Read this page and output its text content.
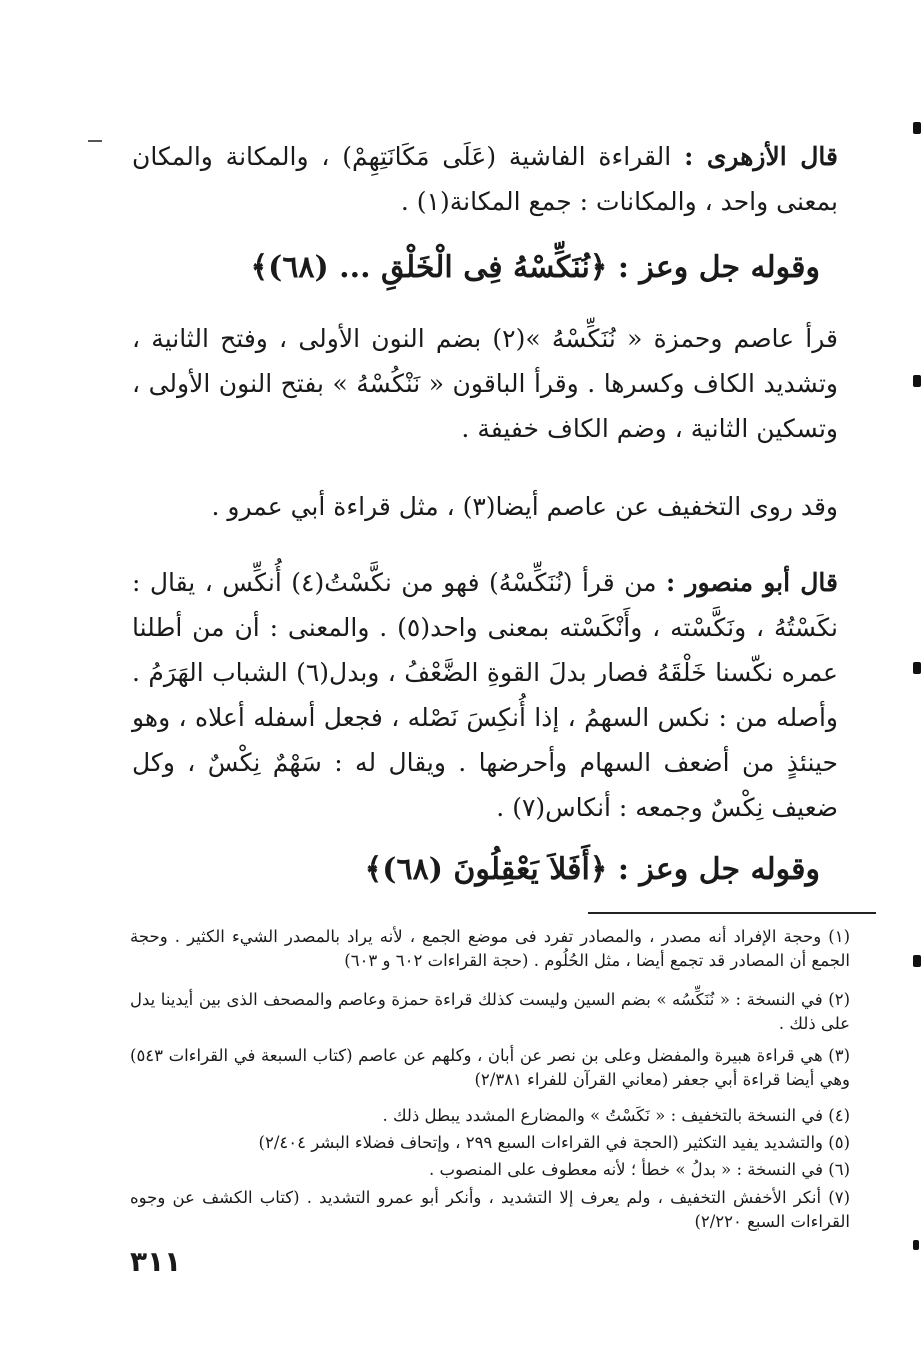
قال الأزهرى : القراءة الفاشية (عَلَى مَكَانَتِهِمْ) ، والمكانة والمكان بمعنى واحد ، والمكانات : جمع المكانة(١) .
وقوله جل وعز : ﴿نُنَكِّسْهُ فِى الْخَلْقِ ... (٦٨)﴾
قرأ عاصم وحمزة « نُنَكِّسْهُ »(٢) بضم النون الأولى ، وفتح الثانية ، وتشديد الكاف وكسرها . وقرأ الباقون « نَنْكُسْهُ » بفتح النون الأولى ، وتسكين الثانية ، وضم الكاف خفيفة .
وقد روى التخفيف عن عاصم أيضا(٣) ، مثل قراءة أبي عمرو .
قال أبو منصور : من قرأ (نُنَكِّسْهُ) فهو من نكَّسْتُ(٤) أُنكِّس ، يقال : نكَسْتُهُ ، ونَكَّسْته ، وأَنْكَسْته بمعنى واحد(٥) . والمعنى : أن من أطلنا عمره نكّسنا خَلْقَهُ فصار بدلَ القوةِ الضَّعْفُ ، وبدل(٦) الشباب الهَرَمُ . وأصله من : نكس السهمُ ، إذا أُنكِسَ نَصْله ، فجعل أسفله أعلاه ، وهو حينئذٍ من أضعف السهام وأحرضها . ويقال له : سَهْمٌ نِكْسٌ ، وكل ضعيف نِكْسٌ وجمعه : أنكاس(٧) .
وقوله جل وعز : ﴿أَفَلاَ يَعْقِلُونَ (٦٨)﴾
(١) وحجة الإفراد أنه مصدر ، والمصادر تفرد فى موضع الجمع ، لأنه يراد بالمصدر الشيء الكثير . وحجة الجمع أن المصادر قد تجمع أيضا ، مثل الحُلُوم . (حجة القراءات ٦٠٢ و ٦٠٣)
(٢) في النسخة : « نُنَكِّسُه » بضم السين وليست كذلك قراءة حمزة وعاصم والمصحف الذى بين أيدينا يدل على ذلك .
(٣) هي قراءة هبيرة والمفضل وعلى بن نصر عن أبان ، وكلهم عن عاصم (كتاب السبعة في القراءات ٥٤٣) وهي أيضا قراءة أبي جعفر (معاني القرآن للفراء ٢/٣٨١)
(٤) في النسخة بالتخفيف : « نَكَسْتُ » والمضارع المشدد يبطل ذلك .
(٥) والتشديد يفيد التكثير (الحجة في القراءات السبع ٢٩٩ ، وإتحاف فضلاء البشر ٢/٤٠٤)
(٦) في النسخة : « بدلُ » خطأ ؛ لأنه معطوف على المنصوب .
(٧) أنكر الأخفش التخفيف ، ولم يعرف إلا التشديد ، وأنكر أبو عمرو التشديد . (كتاب الكشف عن وجوه القراءات السبع ٢/٢٢٠)
٣١١
